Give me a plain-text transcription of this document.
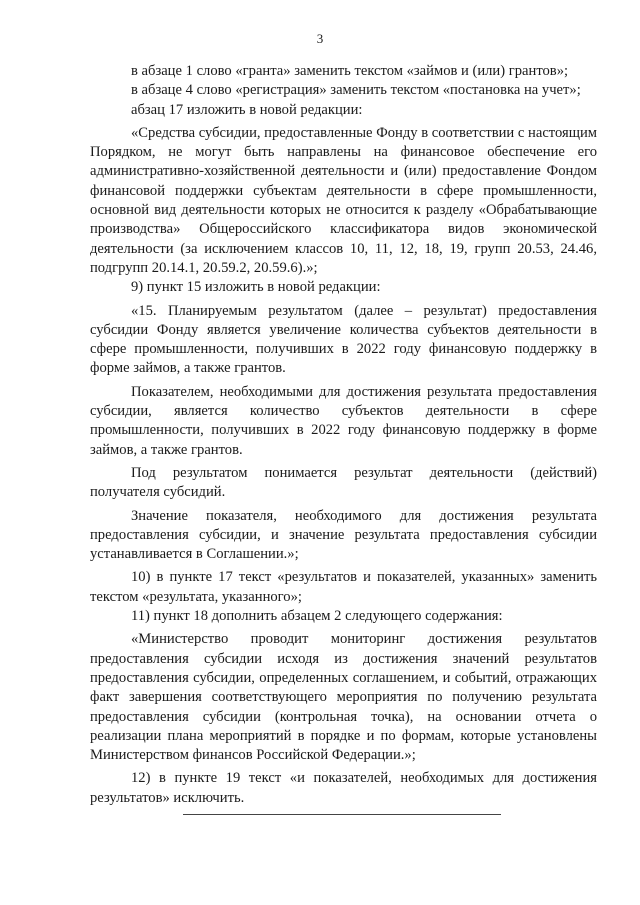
3

в абзаце 1 слово «гранта» заменить текстом «займов и (или) грантов»;

в абзаце 4 слово «регистрация» заменить текстом «постановка на учет»;

абзац 17 изложить в новой редакции:

«Средства субсидии, предоставленные Фонду в соответствии с настоящим Порядком, не могут быть направлены на финансовое обеспечение его административно-хозяйственной деятельности и (или) предоставление Фондом финансовой поддержки субъектам деятельности в сфере промышленности, основной вид деятельности которых не относится к разделу «Обрабатывающие производства» Общероссийского классификатора видов экономической деятельности (за исключением классов 10, 11, 12, 18, 19, групп 20.53, 24.46, подгрупп 20.14.1, 20.59.2, 20.59.6).»;

9) пункт 15 изложить в новой редакции:

«15. Планируемым результатом (далее – результат) предоставления субсидии Фонду является увеличение количества субъектов деятельности в сфере промышленности, получивших в 2022 году финансовую поддержку в форме займов, а также грантов.

Показателем, необходимыми для достижения результата предоставления субсидии, является количество субъектов деятельности в сфере промышленности, получивших в 2022 году финансовую поддержку в форме займов, а также грантов.

Под результатом понимается результат деятельности (действий) получателя субсидий.

Значение показателя, необходимого для достижения результата предоставления субсидии, и значение результата предоставления субсидии устанавливается в Соглашении.»;

10) в пункте 17 текст «результатов и показателей, указанных» заменить текстом «результата, указанного»;

11) пункт 18 дополнить абзацем 2 следующего содержания:

«Министерство проводит мониторинг достижения результатов предоставления субсидии исходя из достижения значений результатов предоставления субсидии, определенных соглашением, и событий, отражающих факт завершения соответствующего мероприятия по получению результата предоставления субсидии (контрольная точка), на основании отчета о реализации плана мероприятий в порядке и по формам, которые установлены Министерством финансов Российской Федерации.»;

12) в пункте 19 текст «и показателей, необходимых для достижения результатов» исключить.
